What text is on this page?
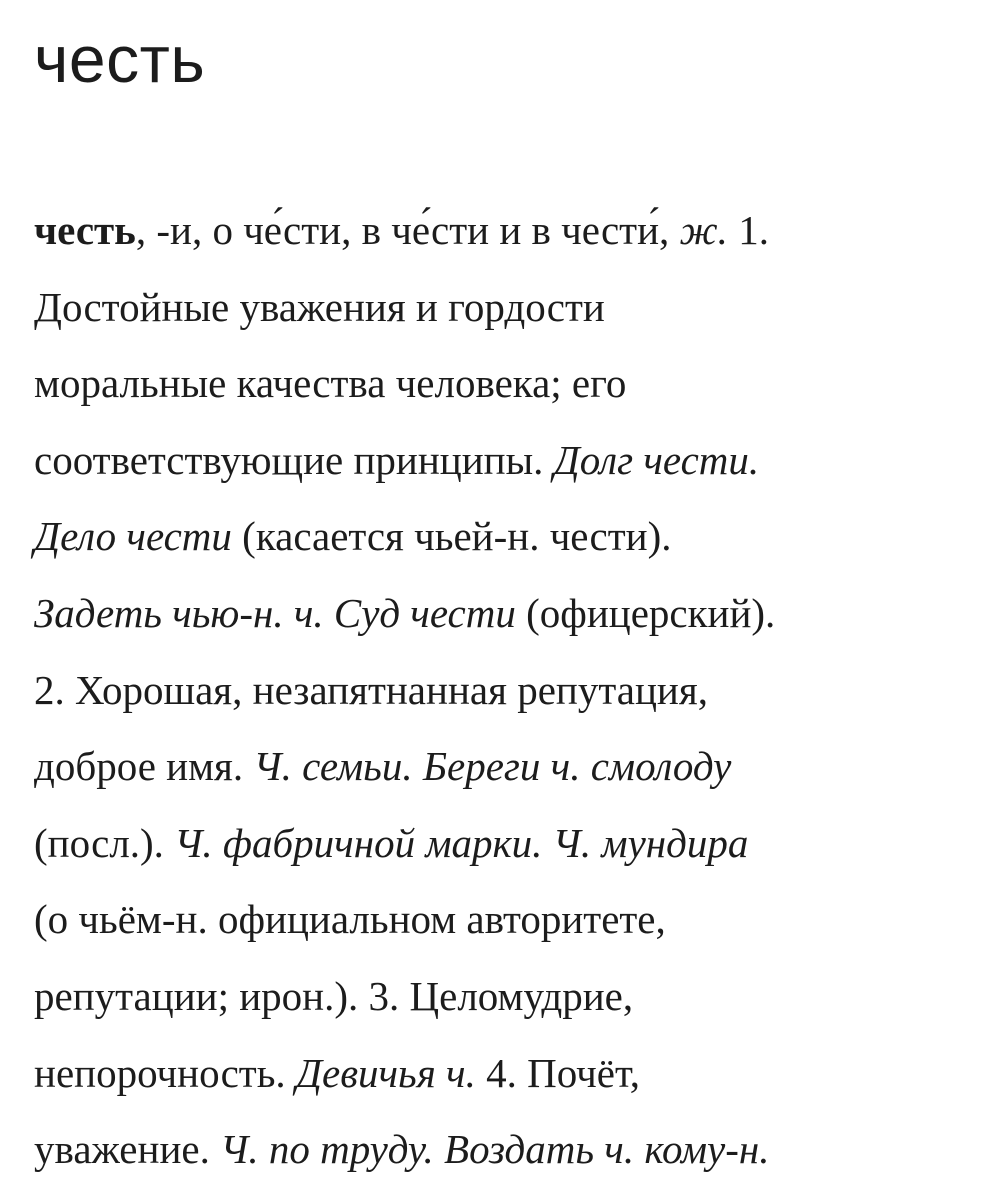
честь
честь, -и, о че́сти, в че́сти и в чести́, ж. 1.
Достойные уважения и гордости
моральные качества человека; его
соответствующие принципы. Долг чести.
Дело чести (касается чьей-н. чести).
Задеть чью-н. ч. Суд чести (офицерский).
2. Хорошая, незапятнанная репутация,
доброе имя. Ч. семьи. Береги ч. смолоду
(посл.). Ч. фабричной марки. Ч. мундира
(о чьём-н. официальном авторитете,
репутации; ирон.). 3. Целомудрие,
непорочность. Девичья ч. 4. Почёт,
уважение. Ч. по труду. Воздать ч. кому-н.
